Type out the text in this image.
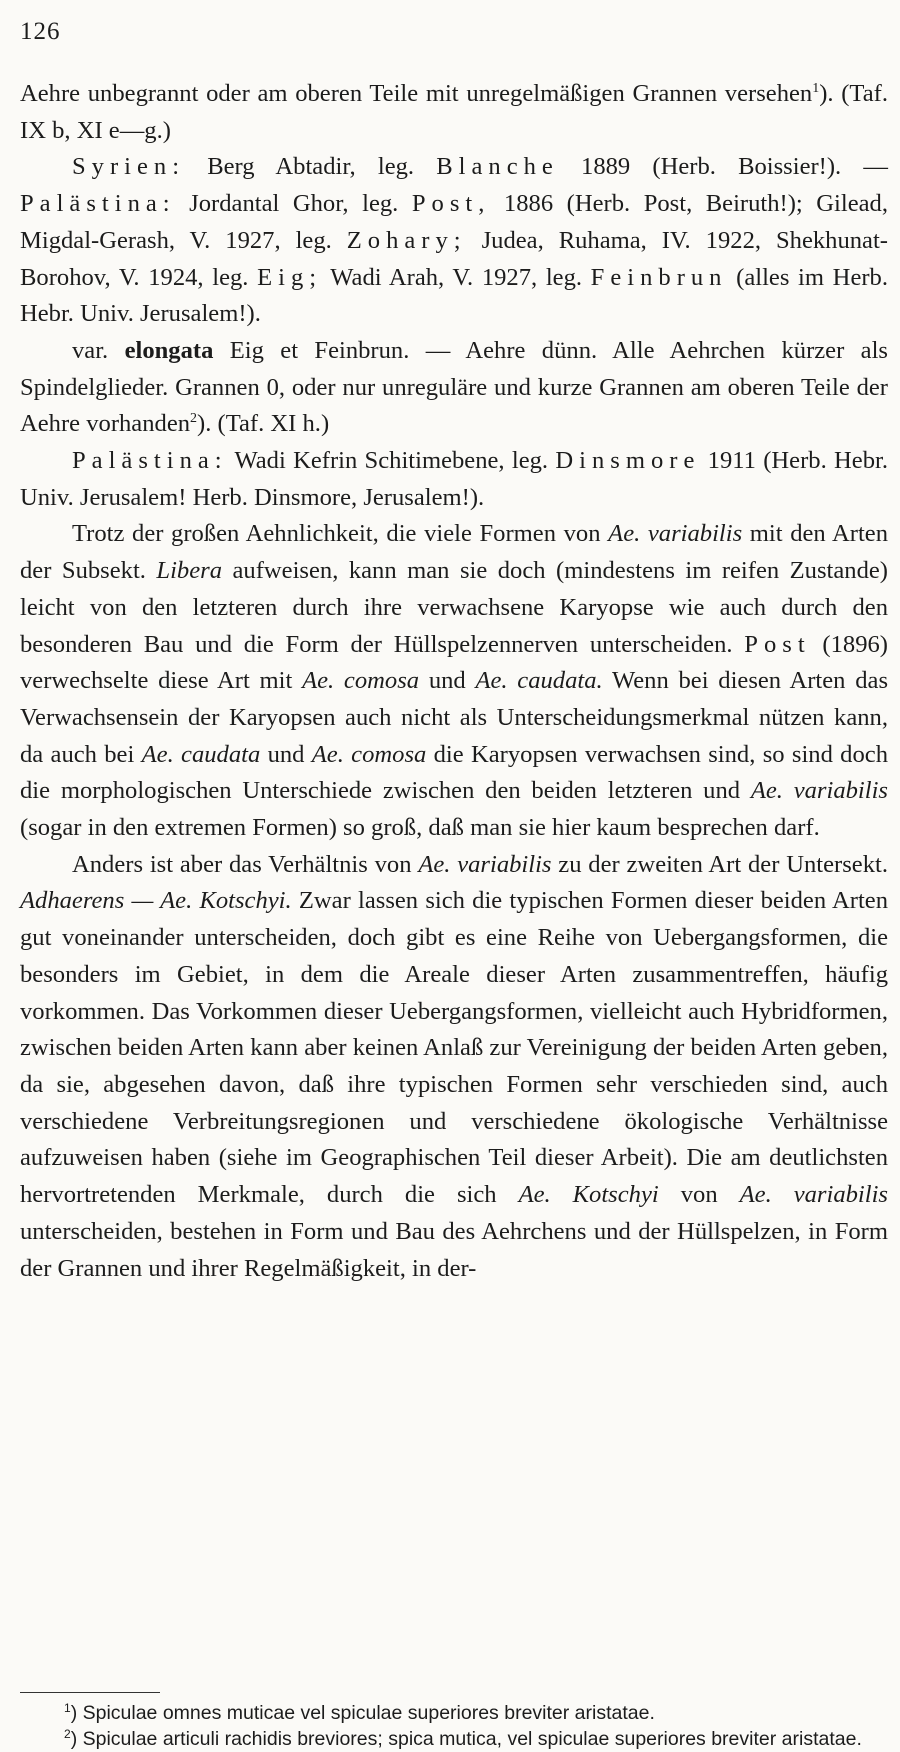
126

Aehre unbegrannt oder am oberen Teile mit unregelmäßigen Grannen versehen$^1$). (Taf. IX b, XI e—g.)

Syrien: Berg Abtadir, leg. Blanche 1889 (Herb. Boissier!). — Palästina: Jordantal Ghor, leg. Post, 1886 (Herb. Post, Beiruth!); Gilead, Migdal-Gerash, V. 1927, leg. Zohary; Judea, Ruhama, IV. 1922, Shekhunat-Borohov, V. 1924, leg. Eig; Wadi Arah, V. 1927, leg. Feinbrun (alles im Herb. Hebr. Univ. Jerusalem!).

var. elongata Eig et Feinbrun. — Aehre dünn. Alle Aehrchen kürzer als Spindelglieder. Grannen 0, oder nur unreguläre und kurze Grannen am oberen Teile der Aehre vorhanden$^2$). (Taf. XI h.)

Palästina: Wadi Kefrin Schitimebene, leg. Dinsmore 1911 (Herb. Hebr. Univ. Jerusalem! Herb. Dinsmore, Jerusalem!).

Trotz der großen Aehnlichkeit, die viele Formen von Ae. variabilis mit den Arten der Subsekt. Libera aufweisen, kann man sie doch (mindestens im reifen Zustande) leicht von den letzteren durch ihre verwachsene Karyopse wie auch durch den besonderen Bau und die Form der Hüllspelzennerven unterscheiden. Post (1896) verwechselte diese Art mit Ae. comosa und Ae. caudata. Wenn bei diesen Arten das Verwachsensein der Karyopsen auch nicht als Unterscheidungsmerkmal nützen kann, da auch bei Ae. caudata und Ae. comosa die Karyopsen verwachsen sind, so sind doch die morphologischen Unterschiede zwischen den beiden letzteren und Ae. variabilis (sogar in den extremen Formen) so groß, daß man sie hier kaum besprechen darf.

Anders ist aber das Verhältnis von Ae. variabilis zu der zweiten Art der Untersekt. Adhaerens — Ae. Kotschyi. Zwar lassen sich die typischen Formen dieser beiden Arten gut voneinander unterscheiden, doch gibt es eine Reihe von Uebergangsformen, die besonders im Gebiet, in dem die Areale dieser Arten zusammentreffen, häufig vorkommen. Das Vorkommen dieser Uebergangsformen, vielleicht auch Hybridformen, zwischen beiden Arten kann aber keinen Anlaß zur Vereinigung der beiden Arten geben, da sie, abgesehen davon, daß ihre typischen Formen sehr verschieden sind, auch verschiedene Verbreitungsregionen und verschiedene ökologische Verhältnisse aufzuweisen haben (siehe im Geographischen Teil dieser Arbeit). Die am deutlichsten hervortretenden Merkmale, durch die sich Ae. Kotschyi von Ae. variabilis unterscheiden, bestehen in Form und Bau des Aehrchens und der Hüllspelzen, in Form der Grannen und ihrer Regelmäßigkeit, in der-

$^1$) Spiculae omnes muticae vel spiculae superiores breviter aristatae.

$^2$) Spiculae articuli rachidis breviores; spica mutica, vel spiculae superiores breviter aristatae.
